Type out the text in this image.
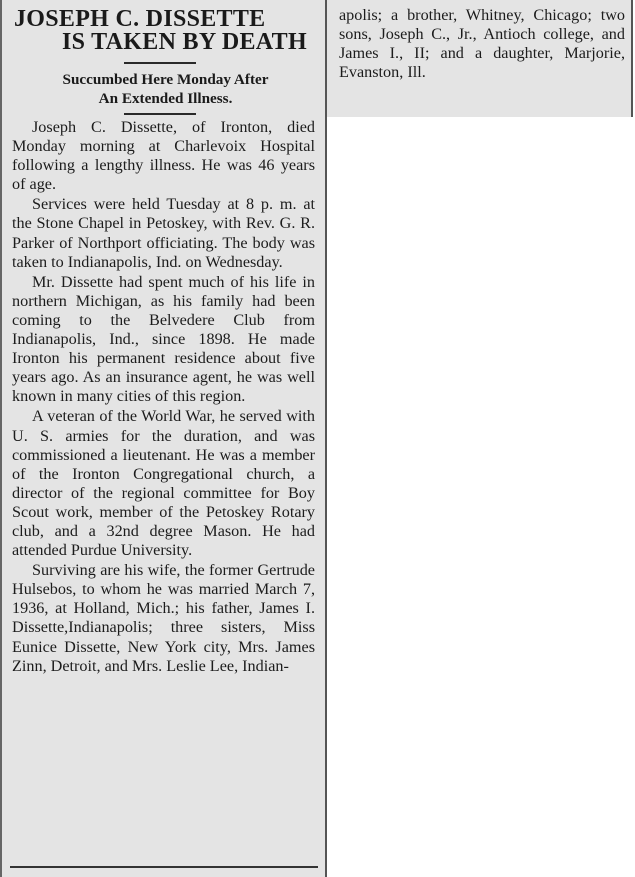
JOSEPH C. DISSETTE
IS TAKEN BY DEATH
Succumbed Here Monday After
An Extended Illness.

Joseph C. Dissette, of Ironton, died Monday morning at Charlevoix Hospital following a lengthy illness. He was 46 years of age.

Services were held Tuesday at 8 p. m. at the Stone Chapel in Petoskey, with Rev. G. R. Parker of Northport officiating. The body was taken to Indianapolis, Ind. on Wednesday.

Mr. Dissette had spent much of his life in northern Michigan, as his family had been coming to the Belvedere Club from Indianapolis, Ind., since 1898. He made Ironton his permanent residence about five years ago. As an insurance agent, he was well known in many cities of this region.

A veteran of the World War, he served with U. S. armies for the duration, and was commissioned a lieutenant. He was a member of the Ironton Congregational church, a director of the regional committee for Boy Scout work, member of the Petoskey Rotary club, and a 32nd degree Mason. He had attended Purdue University.

Surviving are his wife, the former Gertrude Hulsebos, to whom he was married March 7, 1936, at Holland, Mich.; his father, James I. Dissette,Indianapolis; three sisters, Miss Eunice Dissette, New York city, Mrs. James Zinn, Detroit, and Mrs. Leslie Lee, Indian-

apolis; a brother, Whitney, Chicago; two sons, Joseph C., Jr., Antioch college, and James I., II; and a daughter, Marjorie, Evanston, Ill.
